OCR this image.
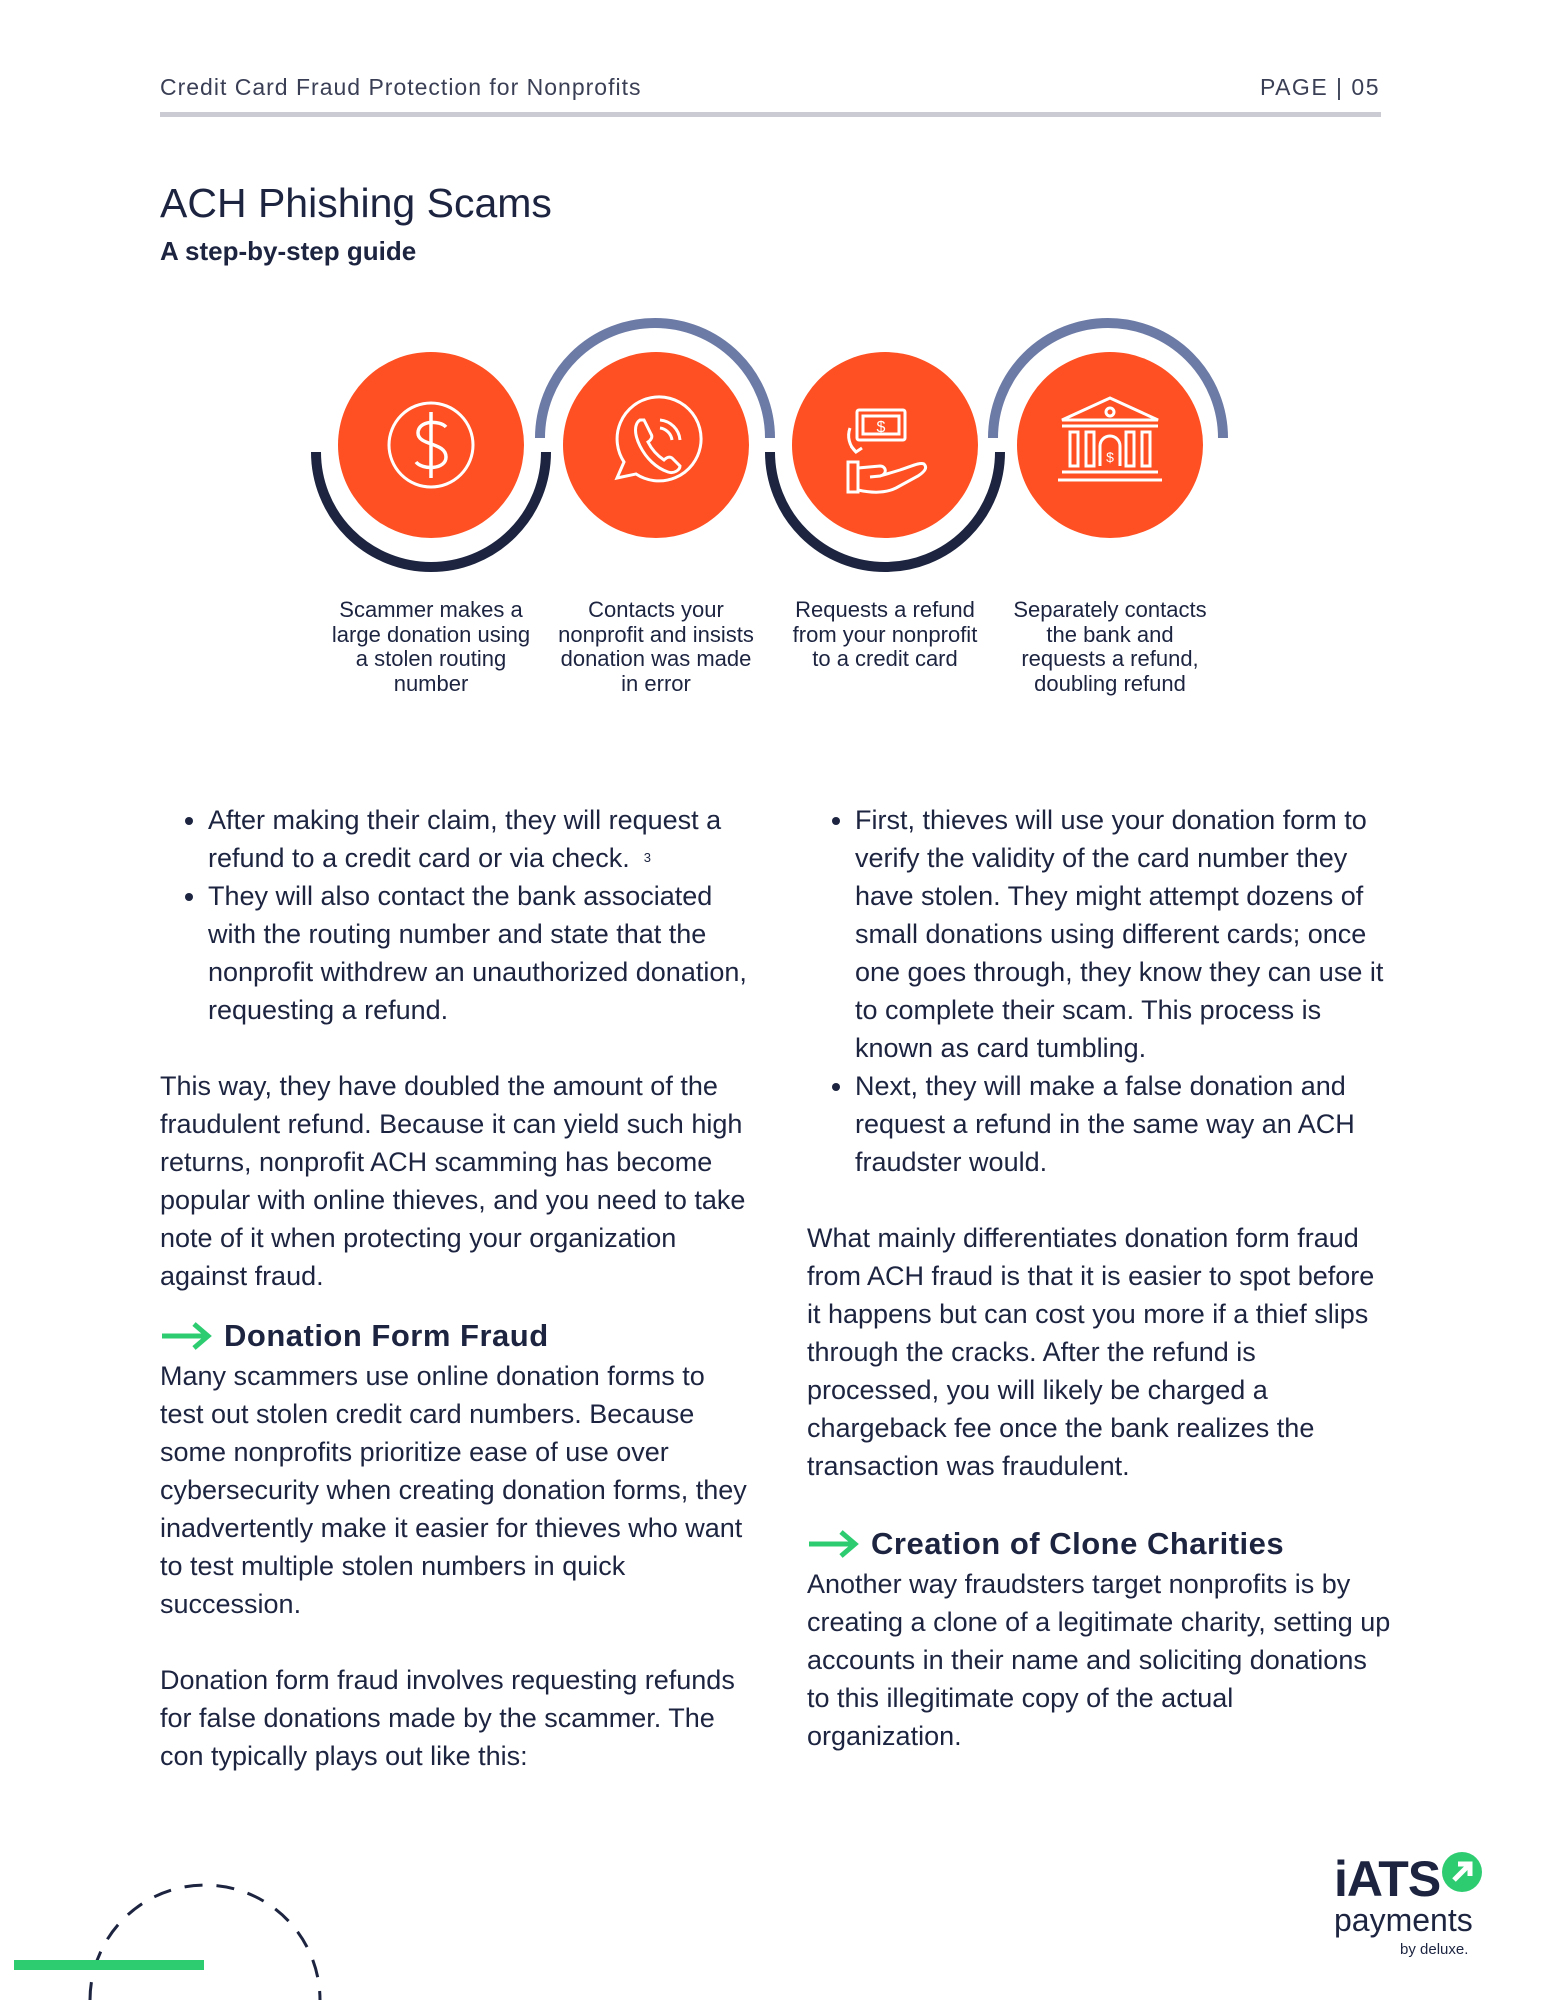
Credit Card Fraud Protection for Nonprofits	PAGE | 05
ACH Phishing Scams
A step-by-step guide
$
$
Scammer makes a large donation using a stolen routing number
Contacts your nonprofit and insists donation was made in error
Requests a refund from your nonprofit to a credit card
Separately contacts the bank and requests a refund, doubling refund
• After making their claim, they will request a refund to a credit card or via check. $^3$
• They will also contact the bank associated with the routing number and state that the nonprofit withdrew an unauthorized donation, requesting a refund.

This way, they have doubled the amount of the fraudulent refund. Because it can yield such high returns, nonprofit ACH scamming has become popular with online thieves, and you need to take note of it when protecting your organization against fraud.

Donation Form Fraud

Many scammers use online donation forms to test out stolen credit card numbers. Because some nonprofits prioritize ease of use over cybersecurity when creating donation forms, they inadvertently make it easier for thieves who want to test multiple stolen numbers in quick succession.

Donation form fraud involves requesting refunds for false donations made by the scammer. The con typically plays out like this:

• First, thieves will use your donation form to verify the validity of the card number they have stolen. They might attempt dozens of small donations using different cards; once one goes through, they know they can use it to complete their scam. This process is known as card tumbling.
• Next, they will make a false donation and request a refund in the same way an ACH fraudster would.

What mainly differentiates donation form fraud from ACH fraud is that it is easier to spot before it happens but can cost you more if a thief slips through the cracks. After the refund is processed, you will likely be charged a chargeback fee once the bank realizes the transaction was fraudulent.

Creation of Clone Charities

Another way fraudsters target nonprofits is by creating a clone of a legitimate charity, setting up accounts in their name and soliciting donations to this illegitimate copy of the actual organization.

iATS
payments
by deluxe.
